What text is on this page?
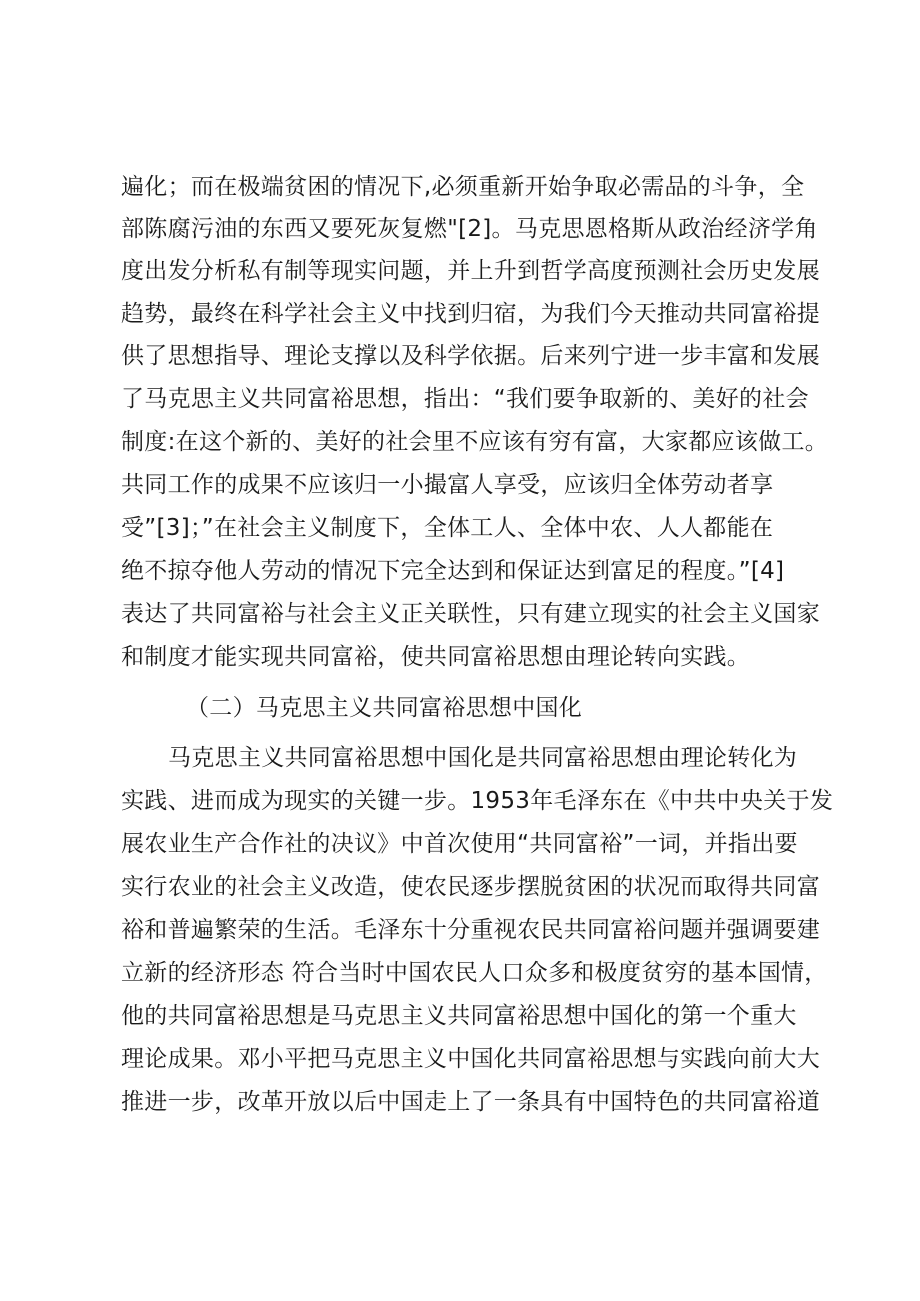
遍化；而在极端贫困的情况下,必须重新开始争取必需品的斗争，全
部陈腐污油的东西又要死灰复燃"[2]。马克思恩格斯从政治经济学角
度出发分析私有制等现实问题，并上升到哲学高度预测社会历史发展
趋势，最终在科学社会主义中找到归宿，为我们今天推动共同富裕提
供了思想指导、理论支撑以及科学依据。后来列宁进一步丰富和发展
了马克思主义共同富裕思想，指出：“我们要争取新的、美好的社会
制度:在这个新的、美好的社会里不应该有穷有富，大家都应该做工。
共同工作的成果不应该归一小撮富人享受，应该归全体劳动者享
受”[3]；”在社会主义制度下，全体工人、全体中农、人人都能在
绝不掠夺他人劳动的情况下完全达到和保证达到富足的程度。”[4]
表达了共同富裕与社会主义正关联性，只有建立现实的社会主义国家
和制度才能实现共同富裕，使共同富裕思想由理论转向实践。
（二）马克思主义共同富裕思想中国化
马克思主义共同富裕思想中国化是共同富裕思想由理论转化为
实践、进而成为现实的关键一步。1953年毛泽东在《中共中央关于发
展农业生产合作社的决议》中首次使用“共同富裕”一词，并指出要
实行农业的社会主义改造，使农民逐步摆脱贫困的状况而取得共同富
裕和普遍繁荣的生活。毛泽东十分重视农民共同富裕问题并强调要建
立新的经济形态 符合当时中国农民人口众多和极度贫穷的基本国情，
他的共同富裕思想是马克思主义共同富裕思想中国化的第一个重大
理论成果。邓小平把马克思主义中国化共同富裕思想与实践向前大大
推进一步，改革开放以后中国走上了一条具有中国特色的共同富裕道
